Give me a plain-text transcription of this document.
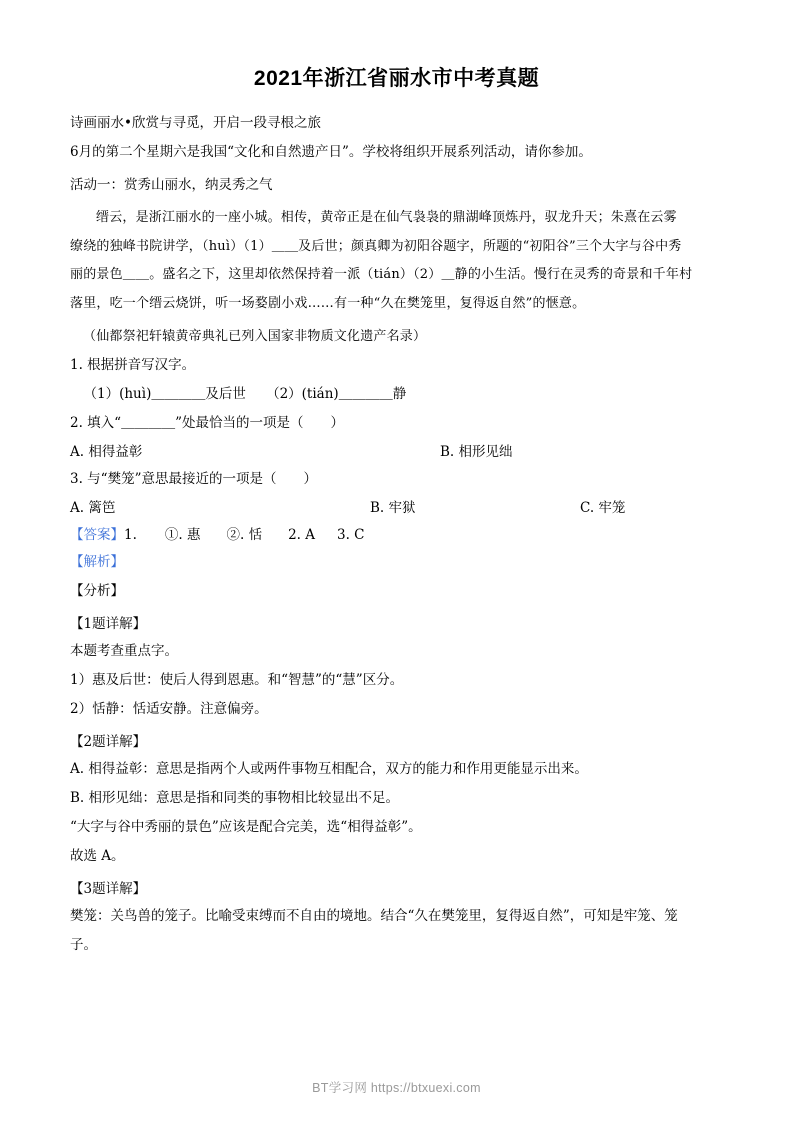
2021年浙江省丽水市中考真题

诗画丽水•欣赏与寻觅，开启一段寻根之旅

6月的第二个星期六是我国“文化和自然遗产日”。学校将组织开展系列活动，请你参加。

活动一：赏秀山丽水，纳灵秀之气

缙云，是浙江丽水的一座小城。相传，黄帝正是在仙气袅袅的鼎湖峰顶炼丹，驭龙升天；朱熹在云雾

缭绕的独峰书院讲学，（huì）（1）＿＿及后世；颜真卿为初阳谷题字，所题的“初阳谷”三个大字与谷中秀

丽的景色＿＿。盛名之下，这里却依然保持着一派（tián）（2）＿静的小生活。慢行在灵秀的奇景和千年村

落里，吃一个缙云烧饼，听一场婺剧小戏……有一种“久在樊笼里，复得返自然”的惬意。

（仙都祭祀轩辕黄帝典礼已列入国家非物质文化遗产名录）

1. 根据拼音写汉字。

（1）(huì)＿＿＿＿及后世　　（2）(tián)＿＿＿＿静

2. 填入“＿＿＿＿”处最恰当的一项是（　　）

A. 相得益彰	B. 相形见绌

3. 与“樊笼”意思最接近的一项是（　　）

A. 篱笆	B. 牢狱	C. 牢笼

【答案】1. ①. 惠 ②. 恬 2. A 3. C

【解析】

【分析】

【1题详解】

本题考查重点字。

1）惠及后世：使后人得到恩惠。和“智慧”的“慧”区分。

2）恬静：恬适安静。注意偏旁。

【2题详解】

A. 相得益彰：意思是指两个人或两件事物互相配合，双方的能力和作用更能显示出来。

B. 相形见绌：意思是指和同类的事物相比较显出不足。

“大字与谷中秀丽的景色”应该是配合完美，选“相得益彰”。

故选 A。

【3题详解】

樊笼：关鸟兽的笼子。比喻受束缚而不自由的境地。结合“久在樊笼里，复得返自然”，可知是牢笼、笼

子。

BT学习网 https://btxuexi.com
